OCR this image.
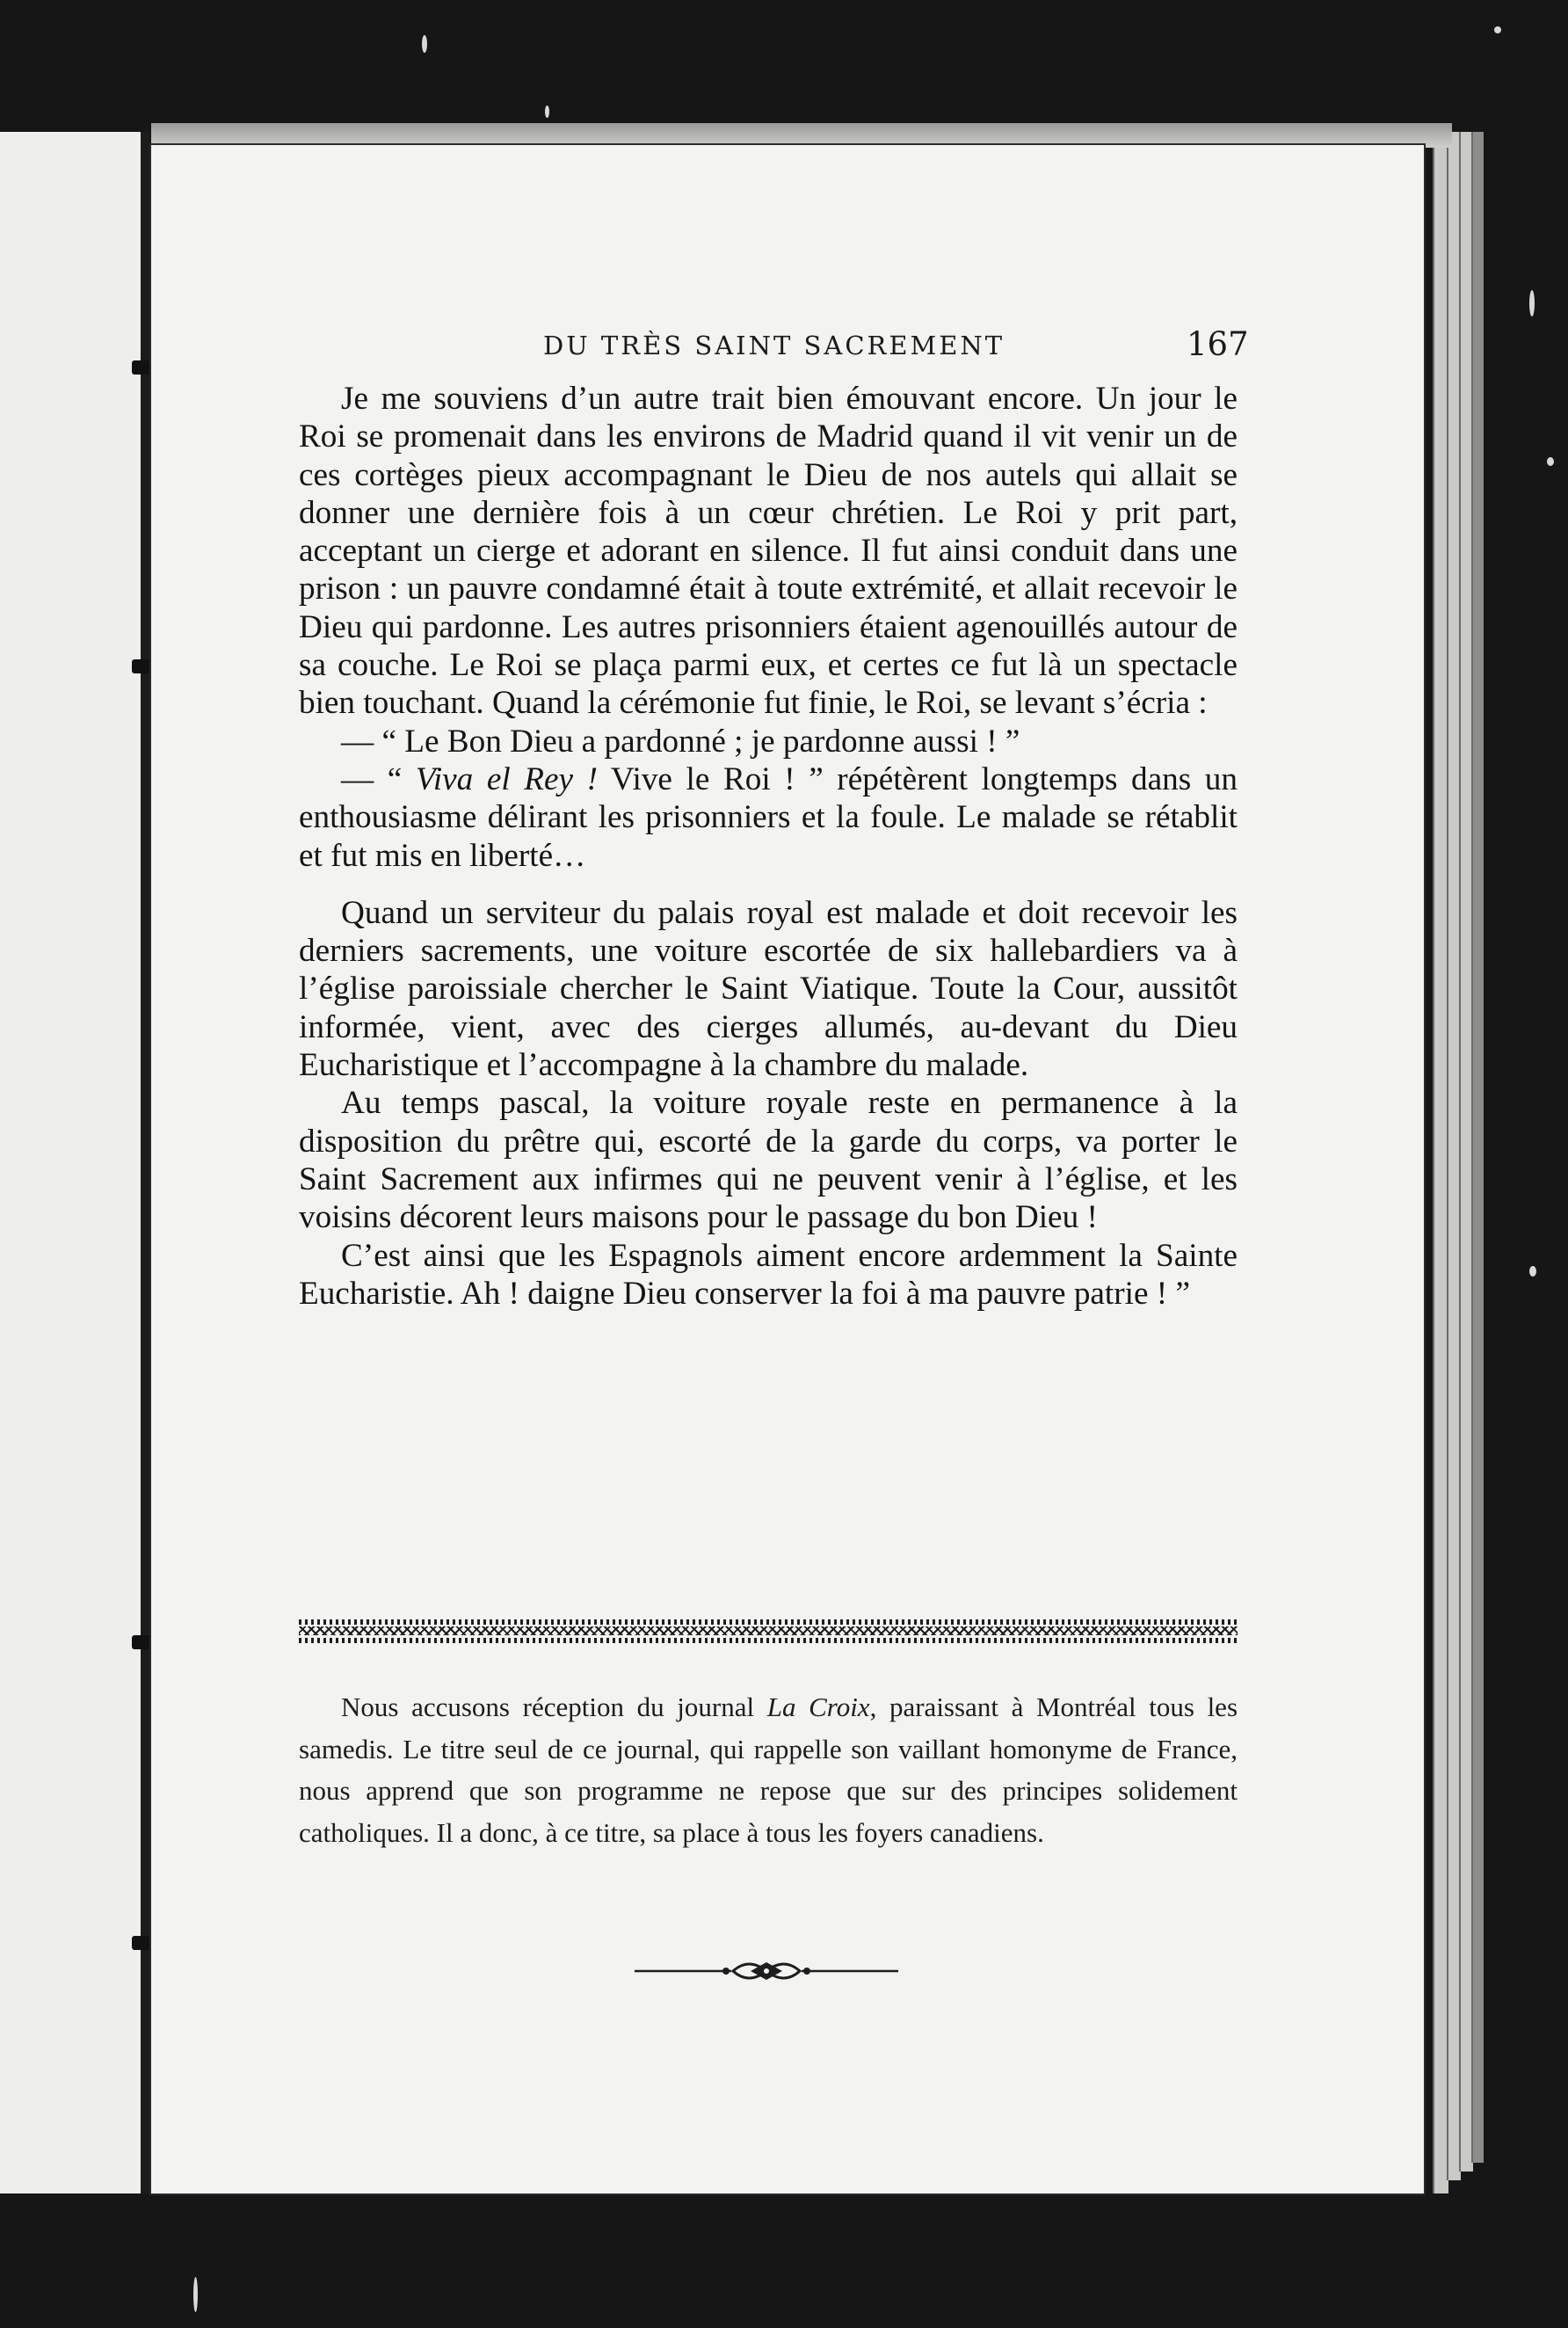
DU TRÈS SAINT SACREMENT	167

Je me souviens d’un autre trait bien émouvant encore. Un jour le Roi se promenait dans les environs de Madrid quand il vit venir un de ces cortèges pieux accompagnant le Dieu de nos autels qui allait se donner une dernière fois à un cœur chrétien. Le Roi y prit part, acceptant un cierge et adorant en silence. Il fut ainsi conduit dans une prison : un pauvre condamné était à toute extrémité, et allait recevoir le Dieu qui pardonne. Les autres prisonniers étaient agenouillés autour de sa couche. Le Roi se plaça parmi eux, et certes ce fut là un spectacle bien touchant. Quand la cérémonie fut finie, le Roi, se levant s’écria :

— “ Le Bon Dieu a pardonné ; je pardonne aussi ! ”

— “ Viva el Rey ! Vive le Roi ! ” répétèrent longtemps dans un enthousiasme délirant les prisonniers et la foule. Le malade se rétablit et fut mis en liberté…

Quand un serviteur du palais royal est malade et doit recevoir les derniers sacrements, une voiture escortée de six hallebardiers va à l’église paroissiale chercher le Saint Viatique. Toute la Cour, aussitôt informée, vient, avec des cierges allumés, au-devant du Dieu Eucharistique et l’accompagne à la chambre du malade.

Au temps pascal, la voiture royale reste en permanence à la disposition du prêtre qui, escorté de la garde du corps, va porter le Saint Sacrement aux infirmes qui ne peuvent venir à l’église, et les voisins décorent leurs maisons pour le passage du bon Dieu !

C’est ainsi que les Espagnols aiment encore ardemment la Sainte Eucharistie. Ah ! daigne Dieu conserver la foi à ma pauvre patrie ! ”

Nous accusons réception du journal La Croix, paraissant à Montréal tous les samedis. Le titre seul de ce journal, qui rappelle son vaillant homonyme de France, nous apprend que son programme ne repose que sur des principes solidement catholiques. Il a donc, à ce titre, sa place à tous les foyers canadiens.
